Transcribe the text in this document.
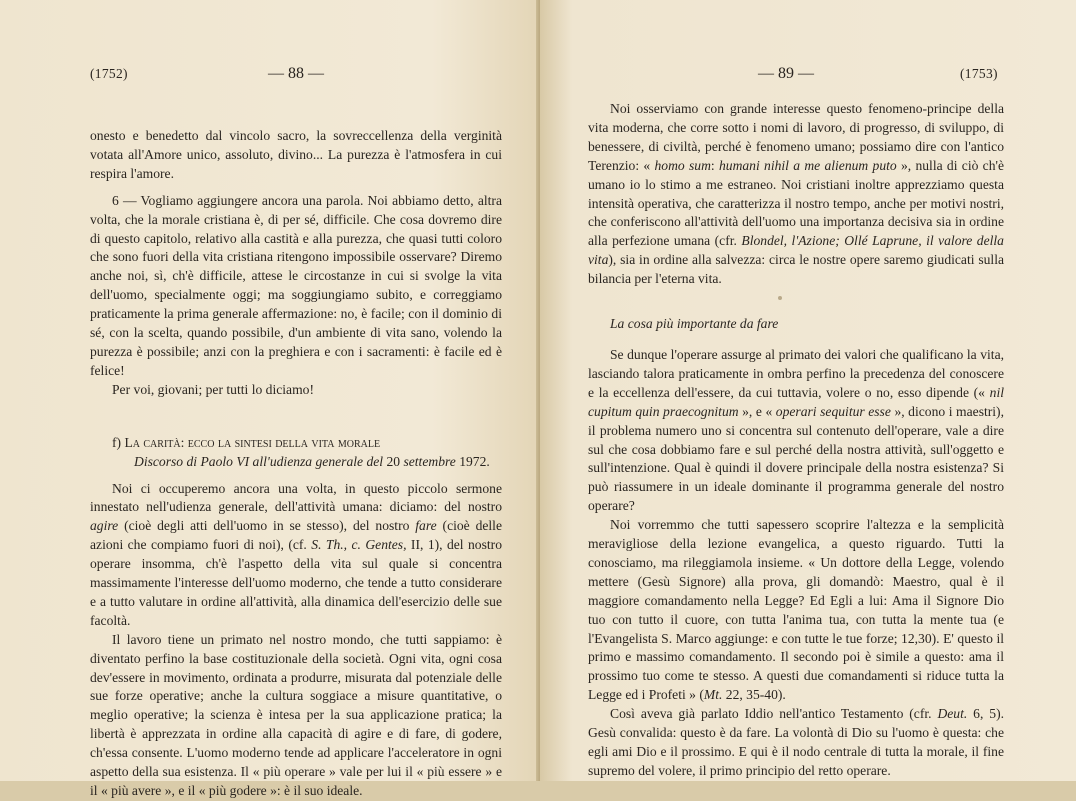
(1752)	— 88 —

onesto e benedetto dal vincolo sacro, la sovreccellenza della verginità votata all'Amore unico, assoluto, divino... La purezza è l'atmosfera in cui respira l'amore.

6 — Vogliamo aggiungere ancora una parola. Noi abbiamo detto, altra volta, che la morale cristiana è, di per sé, difficile. Che cosa dovremo dire di questo capitolo, relativo alla castità e alla purezza, che quasi tutti coloro che sono fuori della vita cristiana ritengono impossibile osservare? Diremo anche noi, sì, ch'è difficile, attese le circostanze in cui si svolge la vita dell'uomo, specialmente oggi; ma soggiungiamo subito, e correggiamo praticamente la prima generale affermazione: no, è facile; con il dominio di sé, con la scelta, quando possibile, d'un ambiente di vita sano, volendo la purezza è possibile; anzi con la preghiera e con i sacramenti: è facile ed è felice!

Per voi, giovani; per tutti lo diciamo!

f) La carità: ecco la sintesi della vita morale

Discorso di Paolo VI all'udienza generale del 20 settembre 1972.

Noi ci occuperemo ancora una volta, in questo piccolo sermone innestato nell'udienza generale, dell'attività umana: diciamo: del nostro agire (cioè degli atti dell'uomo in se stesso), del nostro fare (cioè delle azioni che compiamo fuori di noi), (cf. S. Th., c. Gentes, II, 1), del nostro operare insomma, ch'è l'aspetto della vita sul quale si concentra massimamente l'interesse dell'uomo moderno, che tende a tutto considerare e a tutto valutare in ordine all'attività, alla dinamica dell'esercizio delle sue facoltà.

Il lavoro tiene un primato nel nostro mondo, che tutti sappiamo: è diventato perfino la base costituzionale della società. Ogni vita, ogni cosa dev'essere in movimento, ordinata a produrre, misurata dal potenziale delle sue forze operative; anche la cultura soggiace a misure quantitative, o meglio operative; la scienza è intesa per la sua applicazione pratica; la libertà è apprezzata in ordine alla capacità di agire e di fare, di godere, ch'essa consente. L'uomo moderno tende ad applicare l'acceleratore in ogni aspetto della sua esistenza. Il « più operare » vale per lui il « più essere » e il « più avere », e il « più godere »: è il suo ideale.

— 89 —	(1753)

Noi osserviamo con grande interesse questo fenomeno-principe della vita moderna, che corre sotto i nomi di lavoro, di progresso, di sviluppo, di benessere, di civiltà, perché è fenomeno umano; possiamo dire con l'antico Terenzio: « homo sum: humani nihil a me alienum puto », nulla di ciò ch'è umano io lo stimo a me estraneo. Noi cristiani inoltre apprezziamo questa intensità operativa, che caratterizza il nostro tempo, anche per motivi nostri, che conferiscono all'attività dell'uomo una importanza decisiva sia in ordine alla perfezione umana (cfr. Blondel, l'Azione; Ollé Laprune, il valore della vita), sia in ordine alla salvezza: circa le nostre opere saremo giudicati sulla bilancia per l'eterna vita.

La cosa più importante da fare

Se dunque l'operare assurge al primato dei valori che qualificano la vita, lasciando talora praticamente in ombra perfino la precedenza del conoscere e la eccellenza dell'essere, da cui tuttavia, volere o no, esso dipende (« nil cupitum quin praecognitum », e « operari sequitur esse », dicono i maestri), il problema numero uno si concentra sul contenuto dell'operare, vale a dire sul che cosa dobbiamo fare e sul perché della nostra attività, sull'oggetto e sull'intenzione. Qual è quindi il dovere principale della nostra esistenza? Si può riassumere in un ideale dominante il programma generale del nostro operare?

Noi vorremmo che tutti sapessero scoprire l'altezza e la semplicità meravigliose della lezione evangelica, a questo riguardo. Tutti la conosciamo, ma rileggiamola insieme. « Un dottore della Legge, volendo mettere (Gesù Signore) alla prova, gli domandò: Maestro, qual è il maggiore comandamento nella Legge? Ed Egli a lui: Ama il Signore Dio tuo con tutto il cuore, con tutta l'anima tua, con tutta la mente tua (e l'Evangelista S. Marco aggiunge: e con tutte le tue forze; 12,30). E' questo il primo e massimo comandamento. Il secondo poi è simile a questo: ama il prossimo tuo come te stesso. A questi due comandamenti si riduce tutta la Legge ed i Profeti » (Mt. 22, 35-40).

Così aveva già parlato Iddio nell'antico Testamento (cfr. Deut. 6, 5). Gesù convalida: questo è da fare. La volontà di Dio su l'uomo è questa: che egli ami Dio e il prossimo. E qui è il nodo centrale di tutta la morale, il fine supremo del volere, il primo principio del retto operare.
